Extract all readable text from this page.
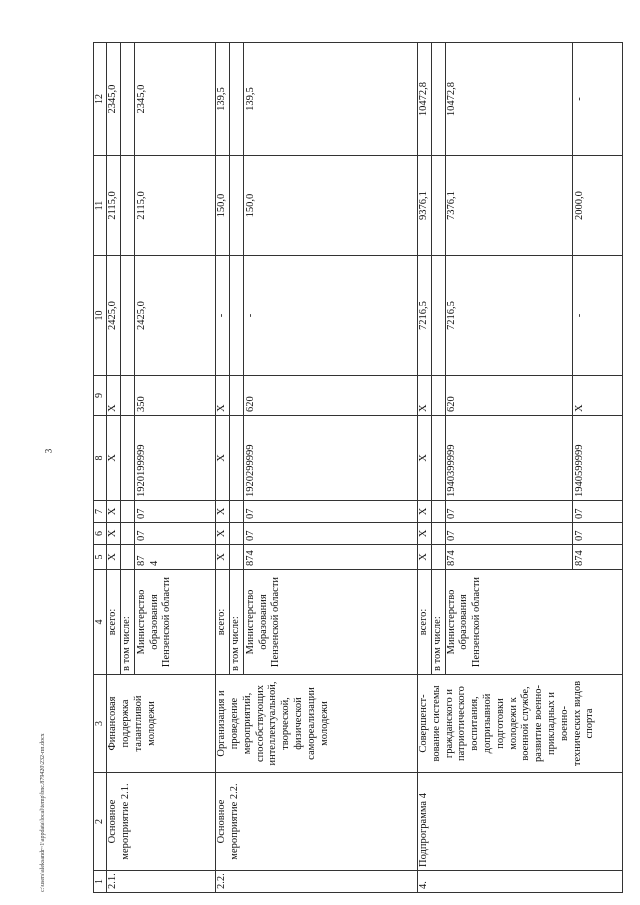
3
c:\users\aleksandr~1\appdata\local\temp\bnc.879420\232-пп.docx	1	2	3	4	5	6	7	8	9	10	11	12
2.1.	Основное мероприятие 2.1.	Финансовая поддержка талантливой молодежи	всего:	X	X	X	X	X	2425,0	2115,0	2345,0
			в том числе:								
			Министерство образования Пензенской области	87 4	07	07	1920199999	350	2425,0	2115,0	2345,0
2.2.	Основное мероприятие 2.2.	Организация и проведение мероприятий, способствующих интеллектуальной, творческой, физической самореализации молодежи	всего:	X	X	X	X	X	-	150,0	139,5
			в том числе:								
			Министерство образования Пензенской области	874	07	07	1920299999	620	-	150,0	139,5
4.	Подпрограмма 4	Совершенст-вование системы гражданского и патриотического воспитания, допризывной подготовки молодежи к военной службе, развитие военно-прикладных и военно-технических видов спорта	всего:	X	X	X	X	X	7216,5	9376,1	10472,8
			в том числе:								
			Министерство образования Пензенской области	874	07	07	1940399999	620	7216,5	7376,1	10472,8
				874	07	07	1940599999	X	-	2000,0	-
